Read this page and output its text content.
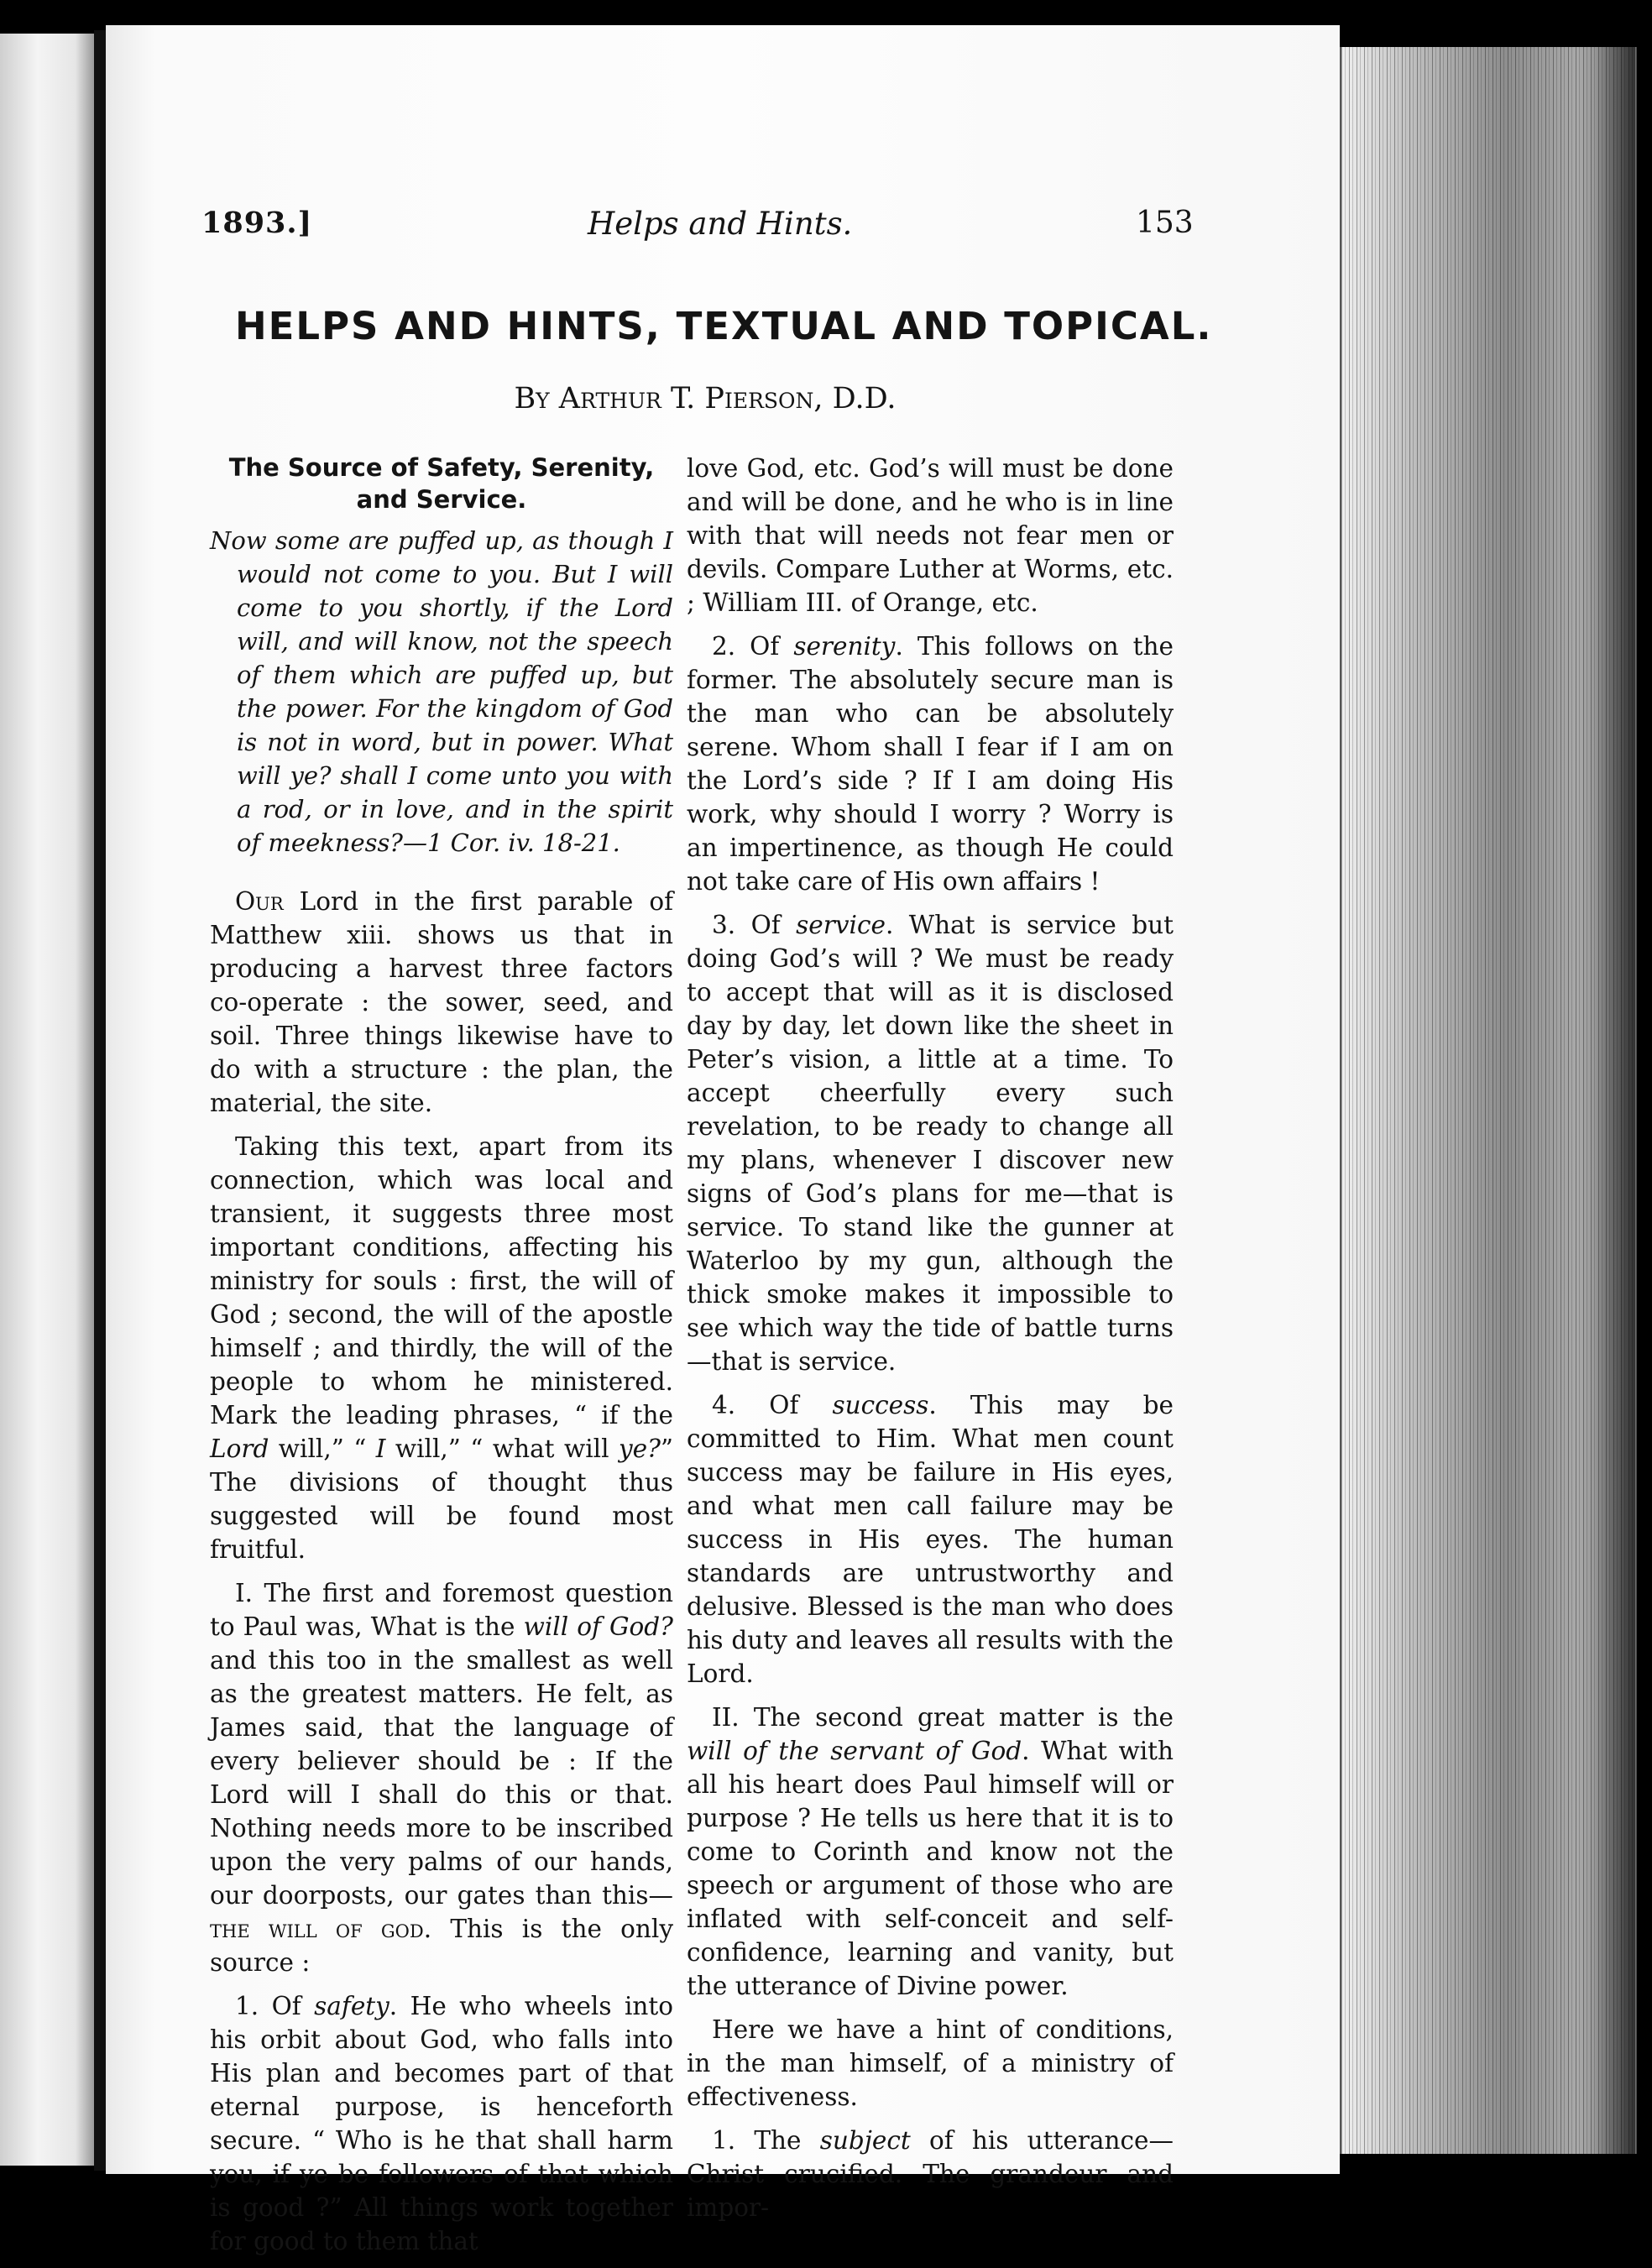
1893.]	Helps and Hints.	153
HELPS AND HINTS, TEXTUAL AND TOPICAL.
By Arthur T. Pierson, D.D.

The Source of Safety, Serenity, and Service.

Now some are puffed up, as though I would not come to you. But I will come to you shortly, if the Lord will, and will know, not the speech of them which are puffed up, but the power. For the kingdom of God is not in word, but in power. What will ye? shall I come unto you with a rod, or in love, and in the spirit of meekness?—1 Cor. iv. 18-21.

Our Lord in the first parable of Matthew xiii. shows us that in producing a harvest three factors co-operate : the sower, seed, and soil. Three things likewise have to do with a structure : the plan, the material, the site.

Taking this text, apart from its connection, which was local and transient, it suggests three most important conditions, affecting his ministry for souls : first, the will of God ; second, the will of the apostle himself ; and thirdly, the will of the people to whom he ministered. Mark the leading phrases, “ if the Lord will,” “ I will,” “ what will ye?” The divisions of thought thus suggested will be found most fruitful.

I. The first and foremost question to Paul was, What is the will of God? and this too in the smallest as well as the greatest matters. He felt, as James said, that the language of every believer should be : If the Lord will I shall do this or that. Nothing needs more to be inscribed upon the very palms of our hands, our doorposts, our gates than this—the will of god. This is the only source :

1. Of safety. He who wheels into his orbit about God, who falls into His plan and becomes part of that eternal purpose, is henceforth secure. “ Who is he that shall harm you, if ye be followers of that which is good ?” All things work together for good to them that

love God, etc. God’s will must be done and will be done, and he who is in line with that will needs not fear men or devils. Compare Luther at Worms, etc. ; William III. of Orange, etc.

2. Of serenity. This follows on the former. The absolutely secure man is the man who can be absolutely serene. Whom shall I fear if I am on the Lord’s side ? If I am doing His work, why should I worry ? Worry is an impertinence, as though He could not take care of His own affairs !

3. Of service. What is service but doing God’s will ? We must be ready to accept that will as it is disclosed day by day, let down like the sheet in Peter’s vision, a little at a time. To accept cheerfully every such revelation, to be ready to change all my plans, whenever I discover new signs of God’s plans for me—that is service. To stand like the gunner at Waterloo by my gun, although the thick smoke makes it impossible to see which way the tide of battle turns—that is service.

4. Of success. This may be committed to Him. What men count success may be failure in His eyes, and what men call failure may be success in His eyes. The human standards are untrustworthy and delusive. Blessed is the man who does his duty and leaves all results with the Lord.

II. The second great matter is the will of the servant of God. What with all his heart does Paul himself will or purpose ? He tells us here that it is to come to Corinth and know not the speech or argument of those who are inflated with self-conceit and self-confidence, learning and vanity, but the utterance of Divine power.

Here we have a hint of conditions, in the man himself, of a ministry of effectiveness.

1. The subject of his utterance—Christ crucified. The grandeur and impor-
